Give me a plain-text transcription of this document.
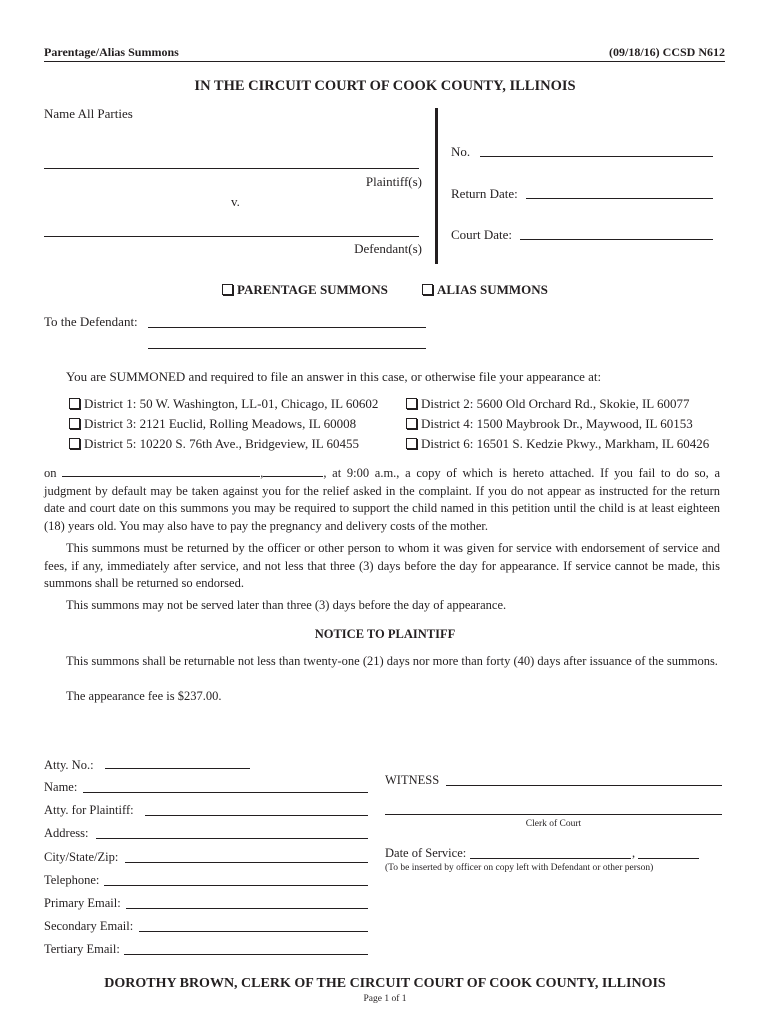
Parentage/Alias Summons	(09/18/16) CCSD N612
IN THE CIRCUIT COURT OF COOK COUNTY, ILLINOIS
Name All Parties
Plaintiff(s)
v.
Defendant(s)
No.
Return Date:
Court Date:
PARENTAGE SUMMONS	ALIAS SUMMONS
To the Defendant:
You are SUMMONED and required to file an answer in this case, or otherwise file your appearance at:
District 1: 50 W. Washington, LL-01, Chicago, IL 60602	District 2: 5600 Old Orchard Rd., Skokie, IL 60077
District 3: 2121 Euclid, Rolling Meadows, IL 60008	District 4: 1500 Maybrook Dr., Maywood, IL 60153
District 5: 10220 S. 76th Ave., Bridgeview, IL 60455	District 6: 16501 S. Kedzie Pkwy., Markham, IL 60426
on	,	, at 9:00 a.m., a copy of which is hereto attached. If you fail to do so, a judgment by default may be taken against you for the relief asked in the complaint. If you do not appear as instructed for the return date and court date on this summons you may be required to support the child named in this petition until the child is at least eighteen (18) years old. You may also have to pay the pregnancy and delivery costs of the mother.
This summons must be returned by the officer or other person to whom it was given for service with endorsement of service and fees, if any, immediately after service, and not less that three (3) days before the day for appearance. If service cannot be made, this summons shall be returned so endorsed.
This summons may not be served later than three (3) days before the day of appearance.
NOTICE TO PLAINTIFF
This summons shall be returnable not less than twenty-one (21) days nor more than forty (40) days after issuance of the summons.
The appearance fee is $237.00.
Atty. No.:
Name:
Atty. for Plaintiff:
Address:
City/State/Zip:
Telephone:
Primary Email:
Secondary Email:
Tertiary Email:
WITNESS
Clerk of Court
Date of Service:	,
(To be inserted by officer on copy left with Defendant or other person)
DOROTHY BROWN, CLERK OF THE CIRCUIT COURT OF COOK COUNTY, ILLINOIS
Page 1 of 1
